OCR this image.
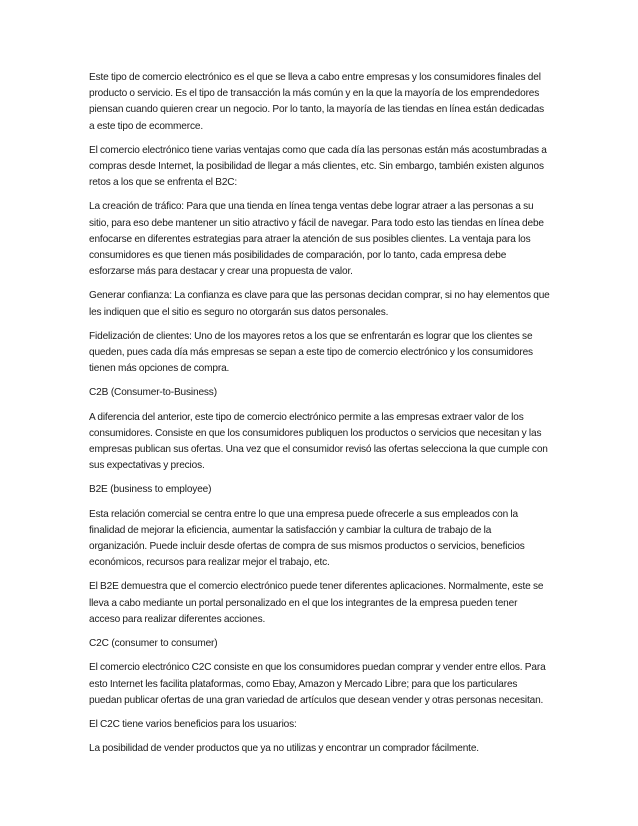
Este tipo de comercio electrónico es el que se lleva a cabo entre empresas y los consumidores finales del producto o servicio. Es el tipo de transacción la más común y en la que la mayoría de los emprendedores piensan cuando quieren crear un negocio. Por lo tanto, la mayoría de las tiendas en línea están dedicadas a este tipo de ecommerce.

El comercio electrónico tiene varias ventajas como que cada día las personas están más acostumbradas a compras desde Internet, la posibilidad de llegar a más clientes, etc. Sin embargo, también existen algunos retos a los que se enfrenta el B2C:

La creación de tráfico: Para que una tienda en línea tenga ventas debe lograr atraer a las personas a su sitio, para eso debe mantener un sitio atractivo y fácil de navegar. Para todo esto las tiendas en línea debe enfocarse en diferentes estrategias para atraer la atención de sus posibles clientes. La ventaja para los consumidores es que tienen más posibilidades de comparación, por lo tanto, cada empresa debe esforzarse más para destacar y crear una propuesta de valor.

Generar confianza: La confianza es clave para que las personas decidan comprar, si no hay elementos que les indiquen que el sitio es seguro no otorgarán sus datos personales.

Fidelización de clientes: Uno de los mayores retos a los que se enfrentarán es lograr que los clientes se queden, pues cada día más empresas se sepan a este tipo de comercio electrónico y los consumidores tienen más opciones de compra.

C2B (Consumer-to-Business)

A diferencia del anterior, este tipo de comercio electrónico permite a las empresas extraer valor de los consumidores. Consiste en que los consumidores publiquen los productos o servicios que necesitan y las empresas publican sus ofertas. Una vez que el consumidor revisó las ofertas selecciona la que cumple con sus expectativas y precios.

B2E (business to employee)

Esta relación comercial se centra entre lo que una empresa puede ofrecerle a sus empleados con la finalidad de mejorar la eficiencia, aumentar la satisfacción y cambiar la cultura de trabajo de la organización. Puede incluir desde ofertas de compra de sus mismos productos o servicios, beneficios económicos, recursos para realizar mejor el trabajo, etc.

El B2E demuestra que el comercio electrónico puede tener diferentes aplicaciones. Normalmente, este se lleva a cabo mediante un portal personalizado en el que los integrantes de la empresa pueden tener acceso para realizar diferentes acciones.

C2C (consumer to consumer)

El comercio electrónico C2C consiste en que los consumidores puedan comprar y vender entre ellos. Para esto Internet les facilita plataformas, como Ebay, Amazon y Mercado Libre; para que los particulares puedan publicar ofertas de una gran variedad de artículos que desean vender y otras personas necesitan.

El C2C tiene varios beneficios para los usuarios:

La posibilidad de vender productos que ya no utilizas y encontrar un comprador fácilmente.
